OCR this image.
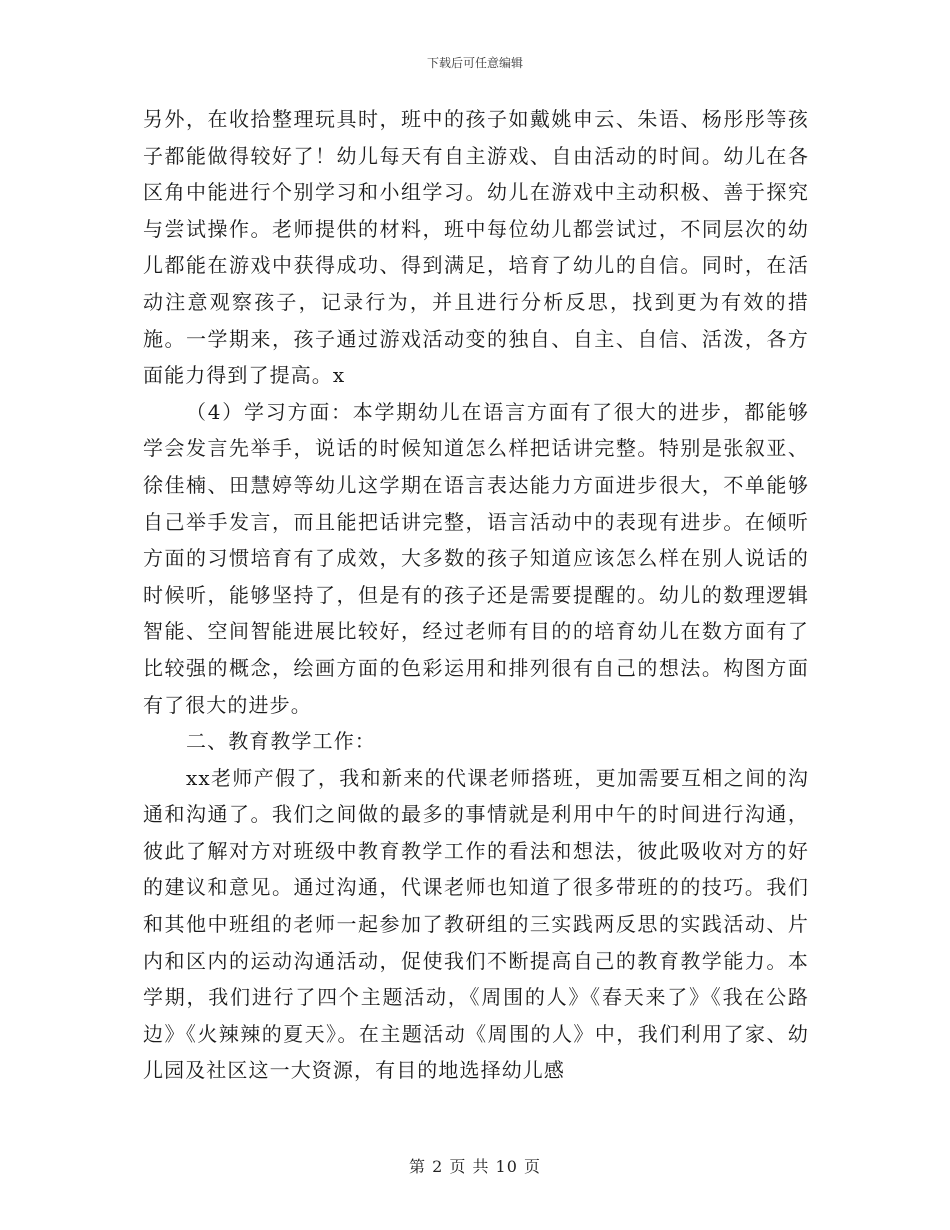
下载后可任意编辑

另外，在收拾整理玩具时，班中的孩子如戴姚申云、朱语、杨彤彤等孩子都能做得较好了！幼儿每天有自主游戏、自由活动的时间。幼儿在各区角中能进行个别学习和小组学习。幼儿在游戏中主动积极、善于探究与尝试操作。老师提供的材料，班中每位幼儿都尝试过，不同层次的幼儿都能在游戏中获得成功、得到满足，培育了幼儿的自信。同时，在活动注意观察孩子，记录行为，并且进行分析反思，找到更为有效的措施。一学期来，孩子通过游戏活动变的独自、自主、自信、活泼，各方面能力得到了提高。x

（4）学习方面：本学期幼儿在语言方面有了很大的进步，都能够学会发言先举手，说话的时候知道怎么样把话讲完整。特别是张叙亚、徐佳楠、田慧婷等幼儿这学期在语言表达能力方面进步很大，不单能够自己举手发言，而且能把话讲完整，语言活动中的表现有进步。在倾听方面的习惯培育有了成效，大多数的孩子知道应该怎么样在别人说话的时候听，能够坚持了，但是有的孩子还是需要提醒的。幼儿的数理逻辑智能、空间智能进展比较好，经过老师有目的的培育幼儿在数方面有了比较强的概念，绘画方面的色彩运用和排列很有自己的想法。构图方面有了很大的进步。

二、教育教学工作：

xx老师产假了，我和新来的代课老师搭班，更加需要互相之间的沟通和沟通了。我们之间做的最多的事情就是利用中午的时间进行沟通，彼此了解对方对班级中教育教学工作的看法和想法，彼此吸收对方的好的建议和意见。通过沟通，代课老师也知道了很多带班的的技巧。我们和其他中班组的老师一起参加了教研组的三实践两反思的实践活动、片内和区内的运动沟通活动，促使我们不断提高自己的教育教学能力。本学期，我们进行了四个主题活动，《周围的人》《春天来了》《我在公路边》《火辣辣的夏天》。在主题活动《周围的人》中，我们利用了家、幼儿园及社区这一大资源，有目的地选择幼儿感

第 2 页 共 10 页
